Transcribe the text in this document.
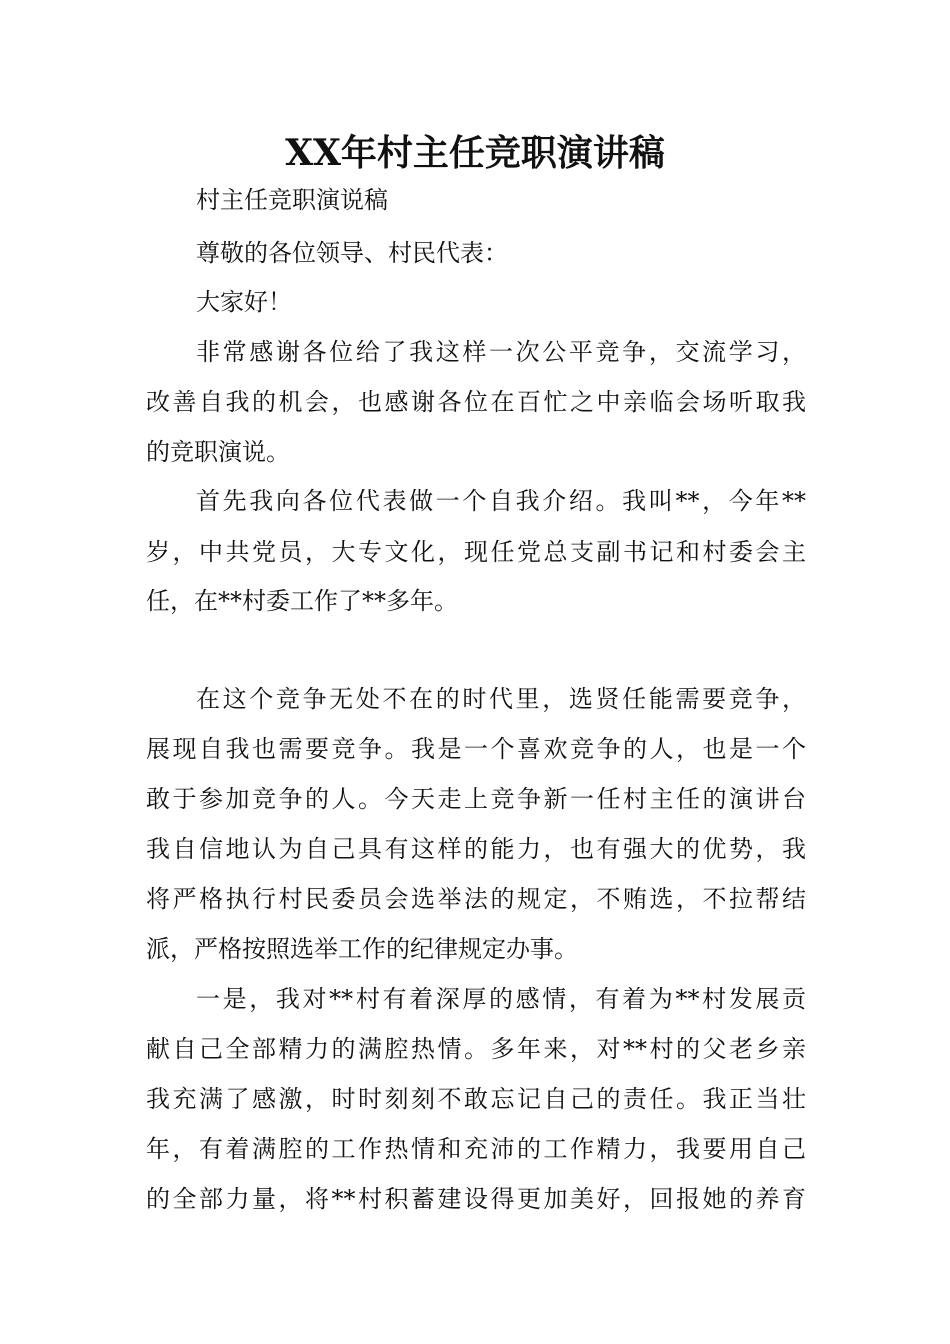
XX年村主任竞职演讲稿

村主任竞职演说稿

尊敬的各位领导、村民代表：

大家好！

非常感谢各位给了我这样一次公平竞争，交流学习，

改善自我的机会，也感谢各位在百忙之中亲临会场听取我

的竞职演说。

首先我向各位代表做一个自我介绍。我叫**，今年**

岁，中共党员，大专文化，现任党总支副书记和村委会主

任，在**村委工作了**多年。

在这个竞争无处不在的时代里，选贤任能需要竞争，

展现自我也需要竞争。我是一个喜欢竞争的人，也是一个

敢于参加竞争的人。今天走上竞争新一任村主任的演讲台

我自信地认为自己具有这样的能力，也有强大的优势，我

将严格执行村民委员会选举法的规定，不贿选，不拉帮结

派，严格按照选举工作的纪律规定办事。

一是，我对**村有着深厚的感情，有着为**村发展贡

献自己全部精力的满腔热情。多年来，对**村的父老乡亲

我充满了感激，时时刻刻不敢忘记自己的责任。我正当壮

年，有着满腔的工作热情和充沛的工作精力，我要用自己

的全部力量，将**村积蓄建设得更加美好，回报她的养育
